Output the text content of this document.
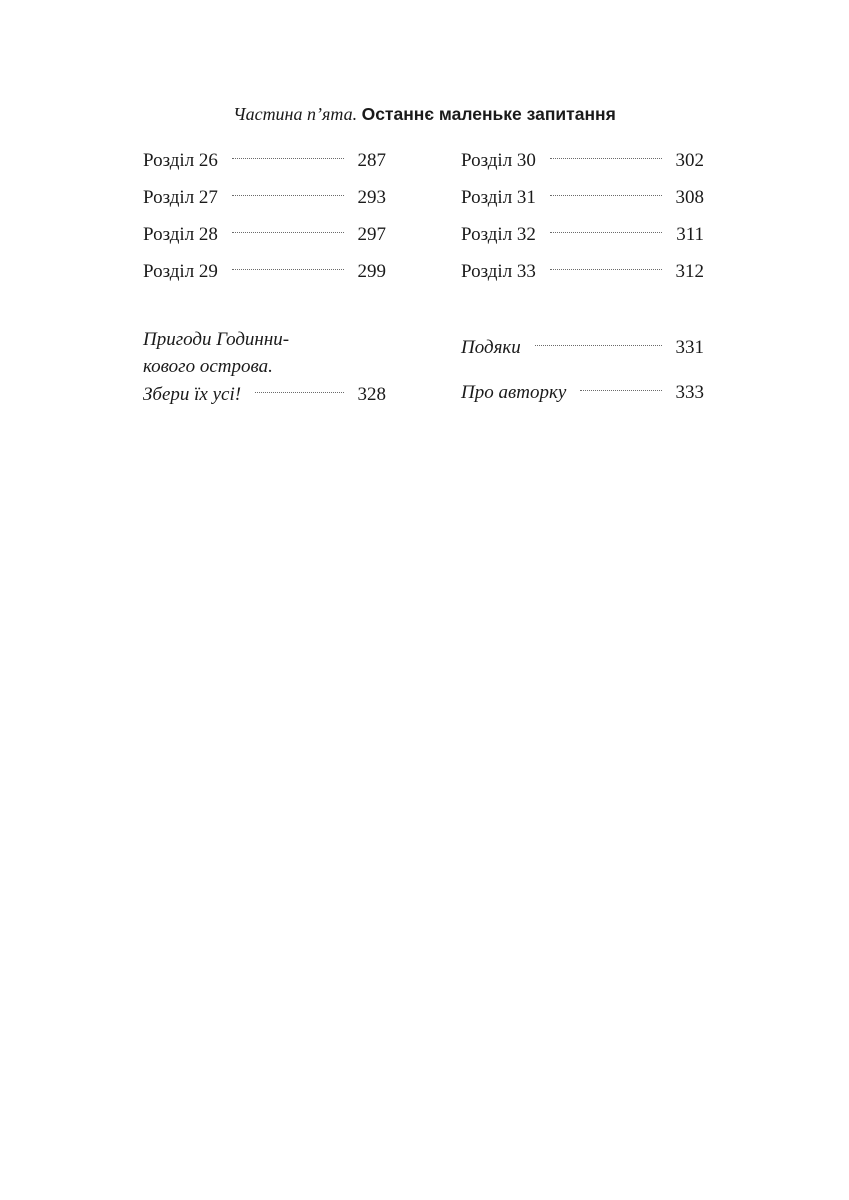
Частина п’ята. Останнє маленьке запитання
Розділ 26	287
Розділ 27	293
Розділ 28	297
Розділ 29	299
Пригоди Годинни-
кового острова.
Збери їх усі!	328
Розділ 30	302
Розділ 31	308
Розділ 32	311
Розділ 33	312
Подяки	331
Про авторку	333
